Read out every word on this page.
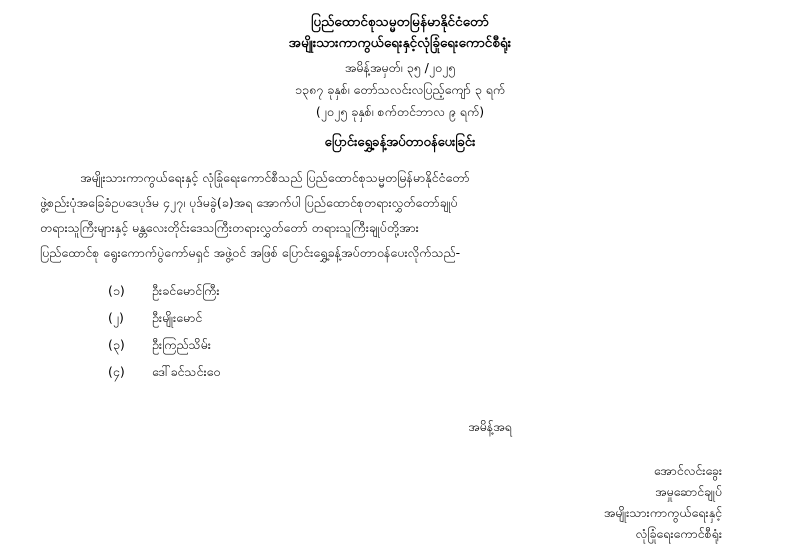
ပြည်ထောင်စုသမ္မတမြန်မာနိုင်ငံတော်
အမျိုးသားကာကွယ်ရေးနှင့်လုံခြုံရေးကောင်စီရုံး
အမိန့်အမှတ်၊ ၃၅ /၂၀၂၅
၁၃၈၇ ခုနှစ်၊ တော်သလင်းလပြည့်ကျော် ၃ ရက်
(၂၀၂၅ ခုနှစ်၊ စက်တင်ဘာလ ၉ ရက်)
ပြောင်းရွှေ့ခန့်အပ်တာဝန်ပေးခြင်း
အမျိုးသားကာကွယ်ရေးနှင့် လုံခြုံရေးကောင်စီသည် ပြည်ထောင်စုသမ္မတမြန်မာနိုင်ငံတော်
ဖွဲ့စည်းပုံအခြေခံဥပဒေပုဒ်မ ၄၂၇၊ ပုဒ်မခွဲ(ခ)အရ အောက်ပါ ပြည်ထောင်စုတရားလွှတ်တော်ချုပ်
တရားသူကြီးများနှင့် မန္တလေးတိုင်းဒေသကြီးတရားလွှတ်တော် တရားသူကြီးချုပ်တို့အား
ပြည်ထောင်စု ရွေးကောက်ပွဲကော်မရှင် အဖွဲ့ဝင် အဖြစ် ပြောင်းရွှေ့ခန့်အပ်တာဝန်ပေးလိုက်သည်-
(၁)	ဦးခင်မောင်ကြီး
(၂)	ဦးမျိုးမောင်
(၃)	ဦးကြည်သိမ်း
(၄)	ဒေါ်ခင်သင်းဝေ
အမိန့်အရ
အောင်လင်းခွေး
အမှုဆောင်ချုပ်
အမျိုးသားကာကွယ်ရေးနှင့်
လုံခြုံရေးကောင်စီရုံး
